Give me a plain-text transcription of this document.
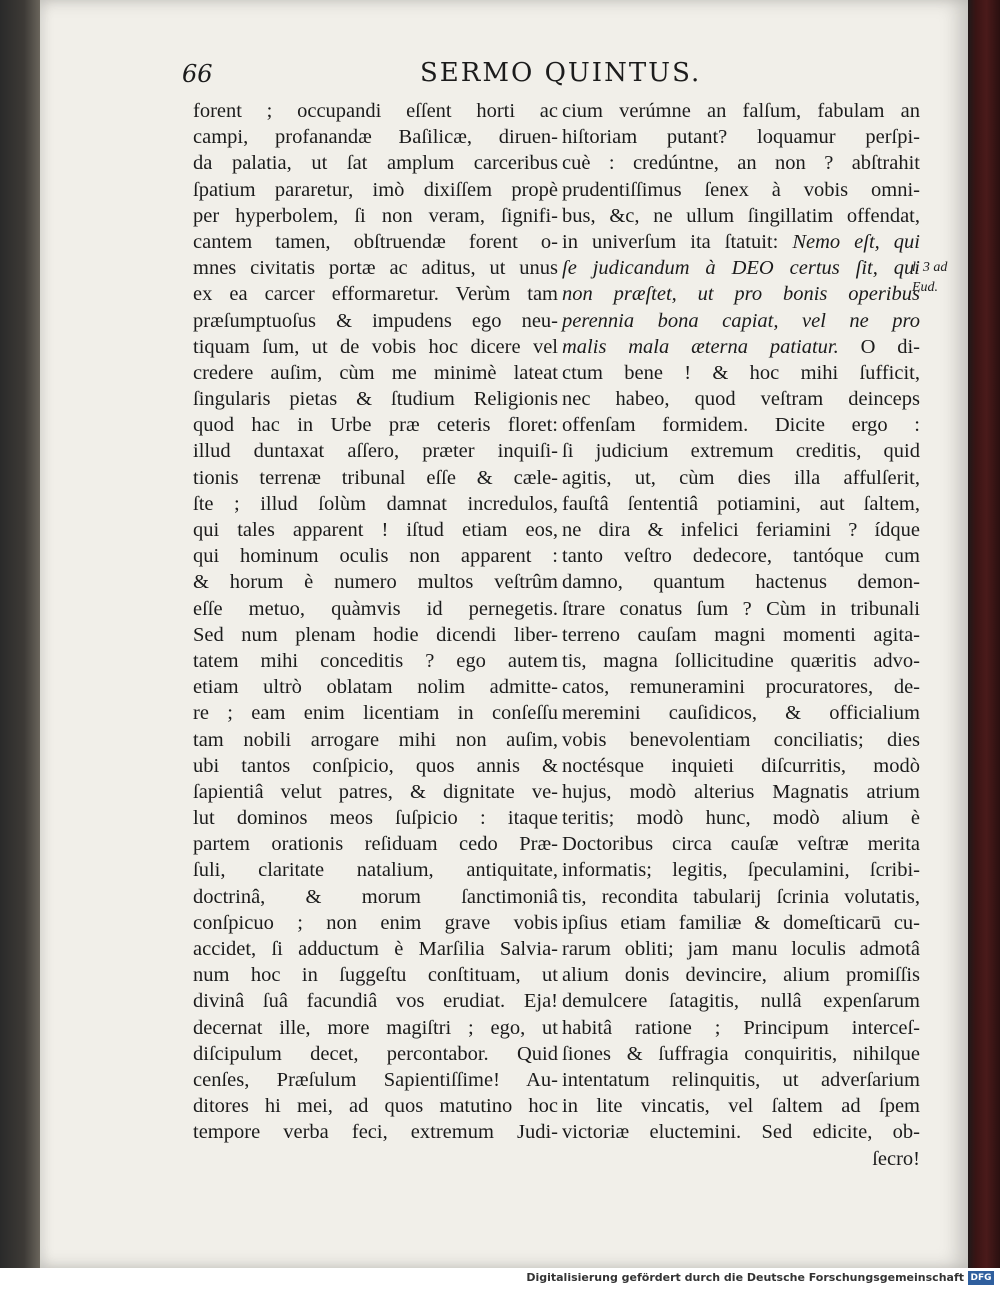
66	SERMO QUINTUS.
forent ; occupandi eſſent horti ac
campi, profanandæ Baſilicæ, diruen-
da palatia, ut ſat amplum carceribus
ſpatium pararetur, imò dixiſſem propè
per hyperbolem, ſi non veram, ſignifi-
cantem tamen, obſtruendæ forent o-
mnes civitatis portæ ac aditus, ut unus
ex ea carcer efformaretur. Verùm tam
præſumptuoſus & impudens ego neu-
tiquam ſum, ut de vobis hoc dicere vel
credere auſim, cùm me minimè lateat
ſingularis pietas & ſtudium Religionis
quod hac in Urbe præ ceteris floret:
illud duntaxat aſſero, præter inquiſi-
tionis terrenæ tribunal eſſe & cæle-
ſte ; illud ſolùm damnat incredulos,
qui tales apparent ! iſtud etiam eos,
qui hominum oculis non apparent :
& horum è numero multos veſtrûm
eſſe metuo, quàmvis id pernegetis.
Sed num plenam hodie dicendi liber-
tatem mihi conceditis ? ego autem
etiam ultrò oblatam nolim admitte-
re ; eam enim licentiam in conſeſſu
tam nobili arrogare mihi non auſim,
ubi tantos conſpicio, quos annis &
ſapientiâ velut patres, & dignitate ve-
lut dominos meos ſuſpicio : itaque
partem orationis reſiduam cedo Præ-
ſuli, claritate natalium, antiquitate,
doctrinâ, & morum ſanctimoniâ
conſpicuo ; non enim grave vobis
accidet, ſi adductum è Marſilia Salvia-
num hoc in ſuggeſtu conſtituam, ut
divinâ ſuâ facundiâ vos erudiat. Eja!
decernat ille, more magiſtri ; ego, ut
diſcipulum decet, percontabor. Quid
cenſes, Præſulum Sapientiſſime! Au-
ditores hi mei, ad quos matutino hoc
tempore verba feci, extremum Judi-
cium verúmne an falſum, fabulam an
hiſtoriam putant? loquamur perſpi-
cuè : credúntne, an non ? abſtrahit
prudentiſſimus ſenex à vobis omni-
bus, &c, ne ullum ſingillatim offendat,
in univerſum ita ſtatuit: Nemo eſt, qui
ſe judicandum à DEO certus ſit, qui
non præſtet, ut pro bonis operibus
perennia bona capiat, vel ne pro
malis mala æterna patiatur. O di-
ctum bene ! & hoc mihi ſufficit,
nec habeo, quod veſtram deinceps
offenſam formidem. Dicite ergo :
ſi judicium extremum creditis, quid
agitis, ut, cùm dies illa affulſerit,
fauſtâ ſententiâ potiamini, aut ſaltem,
ne dira & infelici feriamini ? ídque
tanto veſtro dedecore, tantóque cum
damno, quantum hactenus demon-
ſtrare conatus ſum ? Cùm in tribunali
terreno cauſam magni momenti agita-
tis, magna ſollicitudine quæritis advo-
catos, remuneramini procuratores, de-
meremini cauſidicos, & officialium
vobis benevolentiam conciliatis; dies
noctésque inquieti diſcurritis, modò
hujus, modò alterius Magnatis atrium
teritis; modò hunc, modò alium è
Doctoribus circa cauſæ veſtræ merita
informatis; legitis, ſpeculamini, ſcribi-
tis, recondita tabularij ſcrinia volutatis,
ipſius etiam familiæ & domeſticarū cu-
rarum obliti; jam manu loculis admotâ
alium donis devincire, alium promiſſis
demulcere ſatagitis, nullâ expenſarum
habitâ ratione ; Principum interceſ-
ſiones & ſuffragia conquiritis, nihilque
intentatum relinquitis, ut adverſarium
in lite vincatis, vel ſaltem ad ſpem
victoriæ eluctemini. Sed edicite, ob-
ſecro!
l. 3 ad
Eud.
Digitalisierung gefördert durch die Deutsche Forschungsgemeinschaft DFG
